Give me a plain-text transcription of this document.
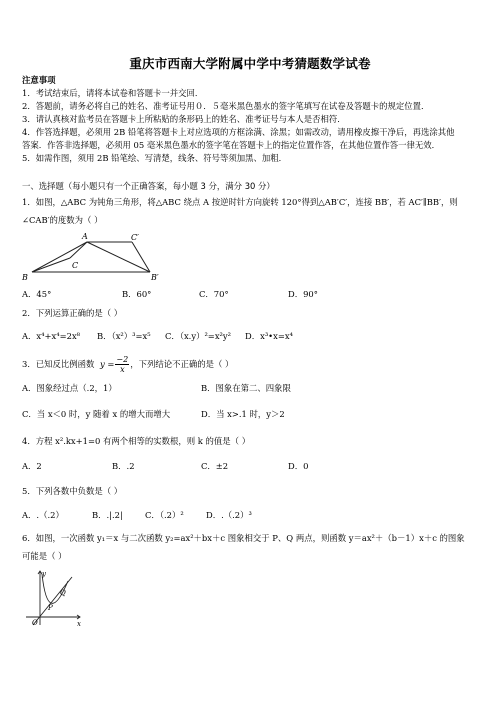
重庆市西南大学附属中学中考猜题数学试卷
注意事项
1．考试结束后，请将本试卷和答题卡一并交回．
2．答题前，请务必将自己的姓名、准考证号用０．５毫米黑色墨水的签字笔填写在试卷及答题卡的规定位置．
3．请认真核对监考员在答题卡上所粘贴的条形码上的姓名、准考证号与本人是否相符．
4．作答选择题，必须用 2B 铅笔将答题卡上对应选项的方框涂满、涂黑；如需改动，请用橡皮擦干净后，再选涂其他
答案．作答非选择题，必须用 05 毫米黑色墨水的签字笔在答题卡上的指定位置作答，在其他位置作答一律无效．
5．如需作图，须用 2B 铅笔绘、写清楚，线条、符号等须加黑、加粗．
一、选择题（每小题只有一个正确答案，每小题 3 分，满分 30 分）
1．如图，△ABC 为钝角三角形，将△ABC 绕点 A 按逆时针方向旋转 120°得到△AB′C′，连接 BB′，若 AC′∥BB′，则
∠CAB′的度数为（ ）
A
B
C
B′
C′
A．45°	B．60°	C．70°	D．90°
2．下列运算正确的是（ ）
A．x⁴+x⁴=2x⁸ B．（x²）³=x⁵ C．（x.y）²=x²y² D．x³•x=x⁴
3．已知反比例函数 $y = \frac{-2}{x}$ ，下列结论不正确的是（ ）
A．图象经过点（.2，1）	B．图象在第二、四象限
C．当 x＜0 时，y 随着 x 的增大而增大	D．当 x>.1 时，y＞2
4．方程 x².kx+1=0 有两个相等的实数根，则 k 的值是（ ）
A．2	B．.2	C．±2	D．0
5．下列各数中负数是（ ）
A．.（.2）	B．.|.2|	C．（.2）²	D．.（.2）³
6．如图，一次函数 y₁＝x 与二次函数 y₂=ax²＋bx＋c 图象相交于 P、Q 两点，则函数 y＝ax²＋（b－1）x＋c 的图象
可能是（ ）
y
x
O
P
Q
